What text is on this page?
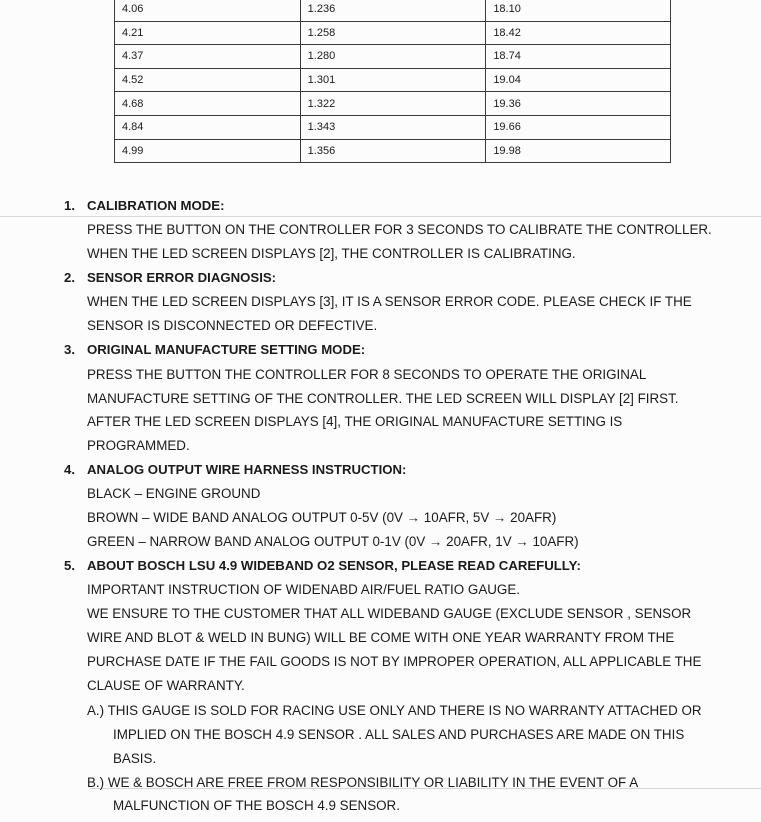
4.06	1.236	18.10
4.21	1.258	18.42
4.37	1.280	18.74
4.52	1.301	19.04
4.68	1.322	19.36
4.84	1.343	19.66
4.99	1.356	19.98
1. CALIBRATION MODE:
PRESS THE BUTTON ON THE CONTROLLER FOR 3 SECONDS TO CALIBRATE THE CONTROLLER.
WHEN THE LED SCREEN DISPLAYS [2], THE CONTROLLER IS CALIBRATING.
2. SENSOR ERROR DIAGNOSIS:
WHEN THE LED SCREEN DISPLAYS [3], IT IS A SENSOR ERROR CODE. PLEASE CHECK IF THE
SENSOR IS DISCONNECTED OR DEFECTIVE.
3. ORIGINAL MANUFACTURE SETTING MODE:
PRESS THE BUTTON THE CONTROLLER FOR 8 SECONDS TO OPERATE THE ORIGINAL
MANUFACTURE SETTING OF THE CONTROLLER. THE LED SCREEN WILL DISPLAY [2] FIRST.
AFTER THE LED SCREEN DISPLAYS [4], THE ORIGINAL MANUFACTURE SETTING IS
PROGRAMMED.
4. ANALOG OUTPUT WIRE HARNESS INSTRUCTION:
BLACK – ENGINE GROUND
BROWN – WIDE BAND ANALOG OUTPUT 0-5V (0V → 10AFR, 5V → 20AFR)
GREEN – NARROW BAND ANALOG OUTPUT 0-1V (0V → 20AFR, 1V → 10AFR)
5. ABOUT BOSCH LSU 4.9 WIDEBAND O2 SENSOR, PLEASE READ CAREFULLY:
IMPORTANT INSTRUCTION OF WIDENABD AIR/FUEL RATIO GAUGE.
WE ENSURE TO THE CUSTOMER THAT ALL WIDEBAND GAUGE (EXCLUDE SENSOR , SENSOR
WIRE AND BLOT & WELD IN BUNG) WILL BE COME WITH ONE YEAR WARRANTY FROM THE
PURCHASE DATE IF THE FAIL GOODS IS NOT BY IMPROPER OPERATION, ALL APPLICABLE THE
CLAUSE OF WARRANTY.
A.) THIS GAUGE IS SOLD FOR RACING USE ONLY AND THERE IS NO WARRANTY ATTACHED OR
IMPLIED ON THE BOSCH 4.9 SENSOR . ALL SALES AND PURCHASES ARE MADE ON THIS
BASIS.
B.) WE & BOSCH ARE FREE FROM RESPONSIBILITY OR LIABILITY IN THE EVENT OF A
MALFUNCTION OF THE BOSCH 4.9 SENSOR.
